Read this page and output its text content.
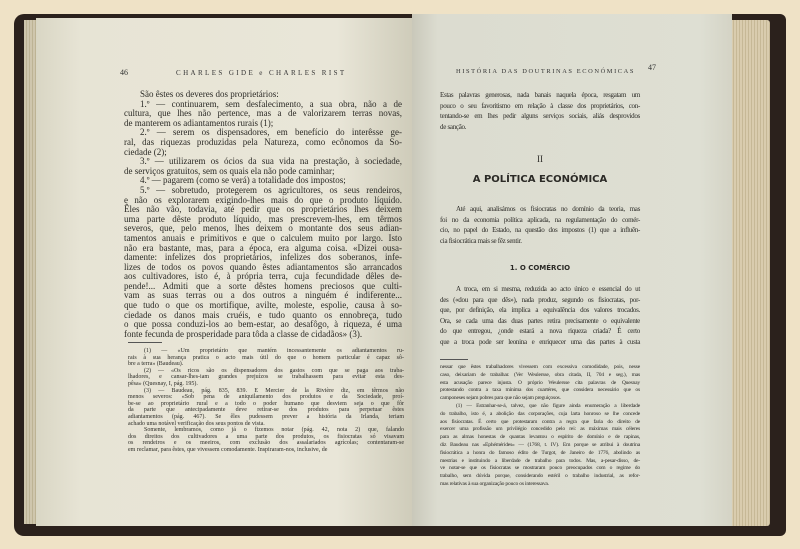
46	CHARLES GIDE e CHARLES RIST
São êstes os deveres dos proprietários:
1.º — continuarem, sem desfalecimento, a sua obra, não a de
cultura, que lhes não pertence, mas a de valorizarem terras novas,
de manterem os adiantamentos rurais (1);
2.º — serem os dispensadores, em benefício do interêsse ge-
ral, das riquezas produzidas pela Natureza, como ecônomos da So-
ciedade (2);
3.º — utilizarem os ócios da sua vida na prestação, à sociedade,
de serviços gratuitos, sem os quais ela não pode caminhar;
4.º — pagarem (como se verá) a totalidade dos impostos;
5.º — sobretudo, protegerem os agricultores, os seus rendeiros,
e não os explorarem exigindo-lhes mais do que o produto líquido.
Êles não vão, todavia, até pedir que os proprietários lhes deixem
uma parte dêste produto líquido, mas prescrevem-lhes, em têrmos
severos, que, pelo menos, lhes deixem o montante dos seus adian-
tamentos anuais e primitivos e que o calculem muito por largo. Isto
não era bastante, mas, para a época, era alguma coisa. «Dizei ousa-
damente: infelizes dos proprietários, infelizes dos soberanos, infe-
lizes de todos os povos quando êstes adiantamentos são arrancados
aos cultivadores, isto é, à própria terra, cuja fecundidade dêles de-
pende!... Admiti que a sorte dêstes homens preciosos que culti-
vam as suas terras ou a dos outros a ninguém é indiferente...
que tudo o que os mortifique, avilte, moleste, espolie, causa à so-
ciedade os danos mais cruéis, e tudo quanto os ennobreça, tudo
o que possa conduzi-los ao bem-estar, ao desafôgo, à riqueza, é uma
fonte fecunda de prosperidade para tôda a classe de cidadãos» (3).
(1) — «Um proprietário que mantém incessantemente os adiantamentos ru-
rais à sua herança pratica o acto mais útil do que o homem particular é capaz sô-
bre a terra» (Baudeau).
(2) — «Os ricos são os dispensadores dos gastos com que se paga aos traba-
lhadores, e cansar-lhes-iam grandes prejuízos se trabalhassem para evitar esta des-
pêsa» (Quesnay, I, pág. 195).
(3) — Baudeau, pág. 835, 839. E Mercier de la Rivière diz, em têrmos não
menos severos: «Sob pena de aniquilamento dos produtos e da Sociedade, proí-
be-se ao proprietário rural e a todo o poder humano que desviem seja o que fôr
da parte que antecipadamente deve retirar-se dos produtos para perpetuar êstes
adiantamentos (pág. 467). Se êles pudessem prever a história da Irlanda, teriam
achado uma notável verificação dos seus pontos de vista.
Somente, lembramos, como já o fizemos notar (pág. 42, nota 2) que, falando
dos direitos dos cultivadores a uma parte dos produtos, os fisiocratas só visavam
os rendeiros e os meeiros, com exclusão dos assalariados agrícolas; contentaram-se
em reclamar, para êstes, que vivessem comodamente. Inspiraram-nos, inclusive, de
HISTÓRIA DAS DOUTRINAS ECONÓMICAS 47
Estas palavras generosas, nada banais naquela época, resgatam um
pouco o seu favoritismo em relação à classe dos proprietários, con-
tentando-se em lhes pedir alguns serviços sociais, aliás desprovidos
de sanção.
II
A POLÍTICA ECONÓMICA
Até aqui, analisámos os fisiocratas no domínio da teoria, mas
foi no da economia política aplicada, na regulamentação do comér-
cio, no papel do Estado, na questão dos impostos (1) que a influên-
cia fisiocrática mais se fêz sentir.
1. O COMÉRCIO
A troca, em si mesma, reduzida ao acto único e essencial do ut
des («dou para que dês»), nada produz, segundo os fisiocratas, por-
que, por definição, ela implica a equivalência dos valores trocados.
Ora, se cada uma das duas partes retira precisamente o equivalente
do que entregou, ¿onde estará a nova riqueza criada? É certo
que a troca pode ser leonina e enriquecer uma das partes à custa
nessar que êstes trabalhadores vivessem com excessiva comodidade, pois, nesse
caso, deixariam de trabalhar. (Ver Weulersse, obra citada, II, 704 e seg.), mas
esta acusação parece injusta. O próprio Weulersse cita palavras de Quesnay
protestando contra a taxa mínima dos cuartéres, que considera necessário que os
camponeses sejam pobres para que não sejam preguiçosos.
(1) — Estranhar-se-á, talvez, que não figure ainda enumeração a liberdade
do trabalho, isto é, a abolição das corporações, cuja larta honroso se lhe concede
aos fisiocratas. É certo que protestaram contra a regra que faria do direito de
exercer uma profissão um privilégio concedido pelo rei: as máximas mais céleres
para as almas honestas de quantas levantou o espírito de domínio e de rapinas,
diz Baudeau nas «Ephémérides» — (1768, t. IV). Em porque se atribui à doutrina
fisiocrática a honra do famoso édito de Turgot, de Janeiro de 1776, abolindo as
mestrias e instituindo a liberdade de trabalho para todos. Mas, a-pesar-disso, de-
ve notar-se que os fisiocratas se mostraram pouco preocupados com o regime do
trabalho, sem dúvida porque, considerando estéril o trabalho industrial, as refor-
mas relativas à sua organização pouco os interessava.
